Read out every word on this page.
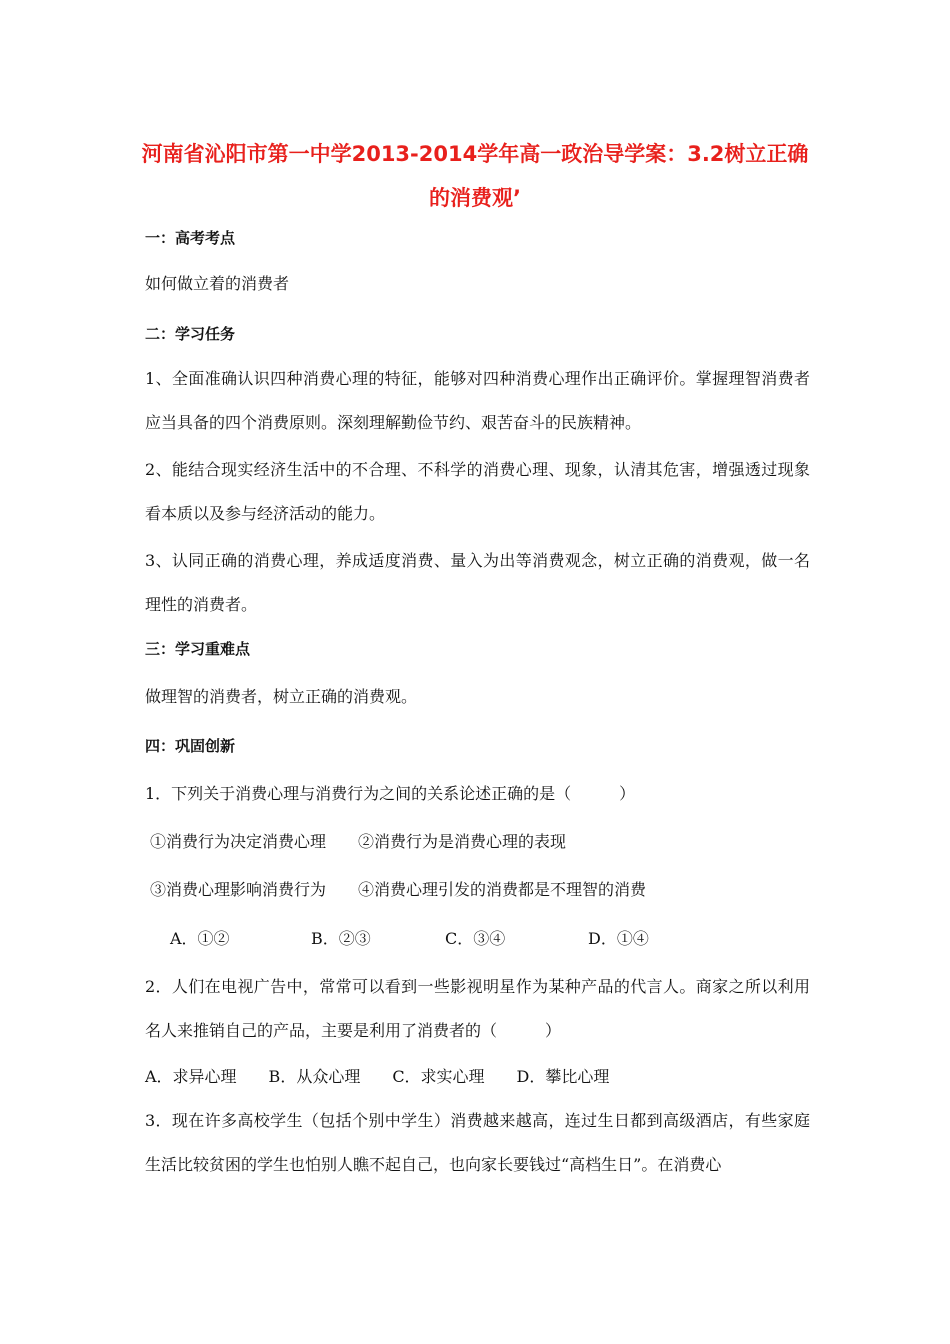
河南省沁阳市第一中学2013-2014学年高一政治导学案：3.2树立正确的消费观’
一：高考考点
如何做立着的消费者
二：学习任务
1、全面准确认识四种消费心理的特征，能够对四种消费心理作出正确评价。掌握理智消费者应当具备的四个消费原则。深刻理解勤俭节约、艰苦奋斗的民族精神。
2、能结合现实经济生活中的不合理、不科学的消费心理、现象，认清其危害，增强透过现象看本质以及参与经济活动的能力。
3、认同正确的消费心理，养成适度消费、量入为出等消费观念，树立正确的消费观，做一名理性的消费者。
三：学习重难点
做理智的消费者，树立正确的消费观。
四：巩固创新
1．下列关于消费心理与消费行为之间的关系论述正确的是（　　　）
①消费行为决定消费心理　　②消费行为是消费心理的表现
③消费心理影响消费行为　　④消费心理引发的消费都是不理智的消费
A．①②	B．②③	C．③④	D．①④
2．人们在电视广告中，常常可以看到一些影视明星作为某种产品的代言人。商家之所以利用名人来推销自己的产品，主要是利用了消费者的（　　　）
A．求异心理　　B．从众心理　　C．求实心理　　D．攀比心理
3．现在许多高校学生（包括个别中学生）消费越来越高，连过生日都到高级酒店，有些家庭生活比较贫困的学生也怕别人瞧不起自己，也向家长要钱过“高档生日”。在消费心
